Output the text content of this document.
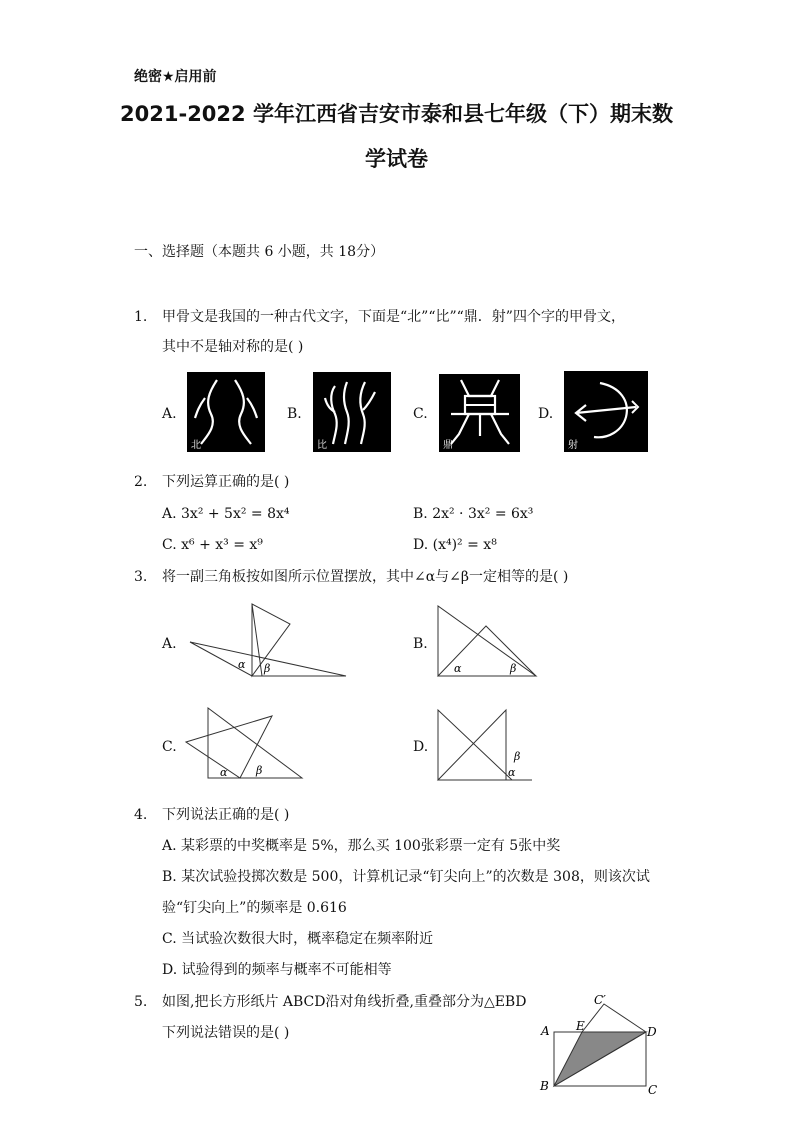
绝密★启用前
2021-2022 学年江西省吉安市泰和县七年级（下）期末数
学试卷
一、选择题（本题共 6 小题，共 18分）
1. 甲骨文是我国的一种古代文字，下面是“北”“比”“鼎．射”四个字的甲骨文，
其中不是轴对称的是( )
A.
北
B.
比
C.
鼎
D.
射
2. 下列运算正确的是( )
A. 3x² + 5x² = 8x⁴	B. 2x² · 3x² = 6x³
C. x⁶ + x³ = x⁹	D. (x⁴)² = x⁸
3. 将一副三角板按如图所示位置摆放，其中∠α与∠β一定相等的是( )
A.
α β
B.
α	β
C.
α	β
D.
α
β
4. 下列说法正确的是( )
A. 某彩票的中奖概率是 5%，那么买 100张彩票一定有 5张中奖
B. 某次试验投掷次数是 500，计算机记录“钉尖向上”的次数是 308，则该次试
验“钉尖向上”的频率是 0.616
C. 当试验次数很大时，概率稳定在频率附近
D. 试验得到的频率与概率不可能相等
5. 如图,把长方形纸片 ABCD沿对角线折叠,重叠部分为△EBD
下列说法错误的是( )	A
B	C
D
E
C′
